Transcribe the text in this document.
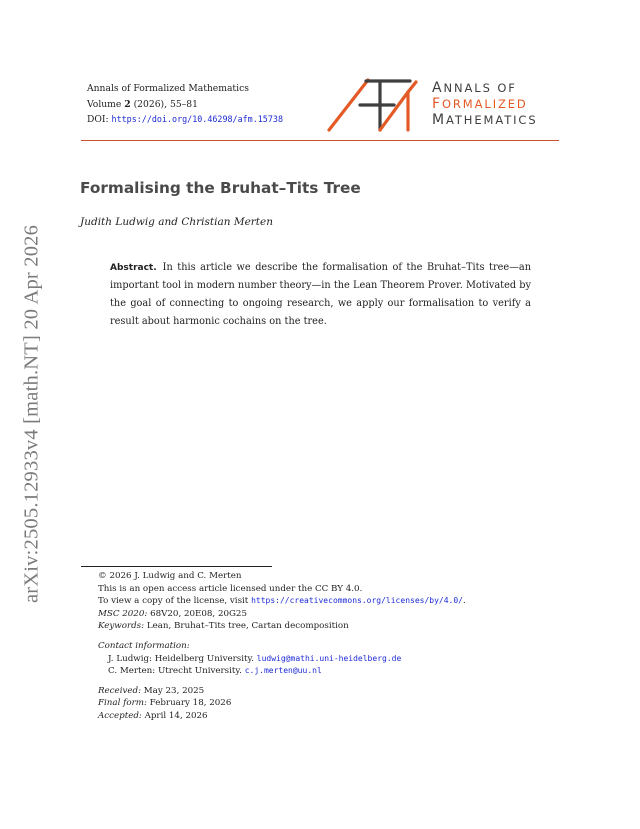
arXiv:2505.12933v4 [math.NT] 20 Apr 2026
Annals of Formalized Mathematics
Volume 2 (2026), 55–81
DOI: https://doi.org/10.46298/afm.15738
ANNALS OF
FORMALIZED
MATHEMATICS
Formalising the Bruhat–Tits Tree
Judith Ludwig and Christian Merten
Abstract. In this article we describe the formalisation of the Bruhat–Tits tree—an important tool in modern number theory—in the Lean Theorem Prover. Motivated by the goal of connecting to ongoing research, we apply our formalisation to verify a result about harmonic cochains on the tree.
© 2026 J. Ludwig and C. Merten
This is an open access article licensed under the CC BY 4.0.
To view a copy of the license, visit https://creativecommons.org/licenses/by/4.0/.
MSC 2020: 68V20, 20E08, 20G25
Keywords: Lean, Bruhat–Tits tree, Cartan decomposition
Contact information:
J. Ludwig: Heidelberg University. ludwig@mathi.uni-heidelberg.de
C. Merten: Utrecht University. c.j.merten@uu.nl
Received: May 23, 2025
Final form: February 18, 2026
Accepted: April 14, 2026
